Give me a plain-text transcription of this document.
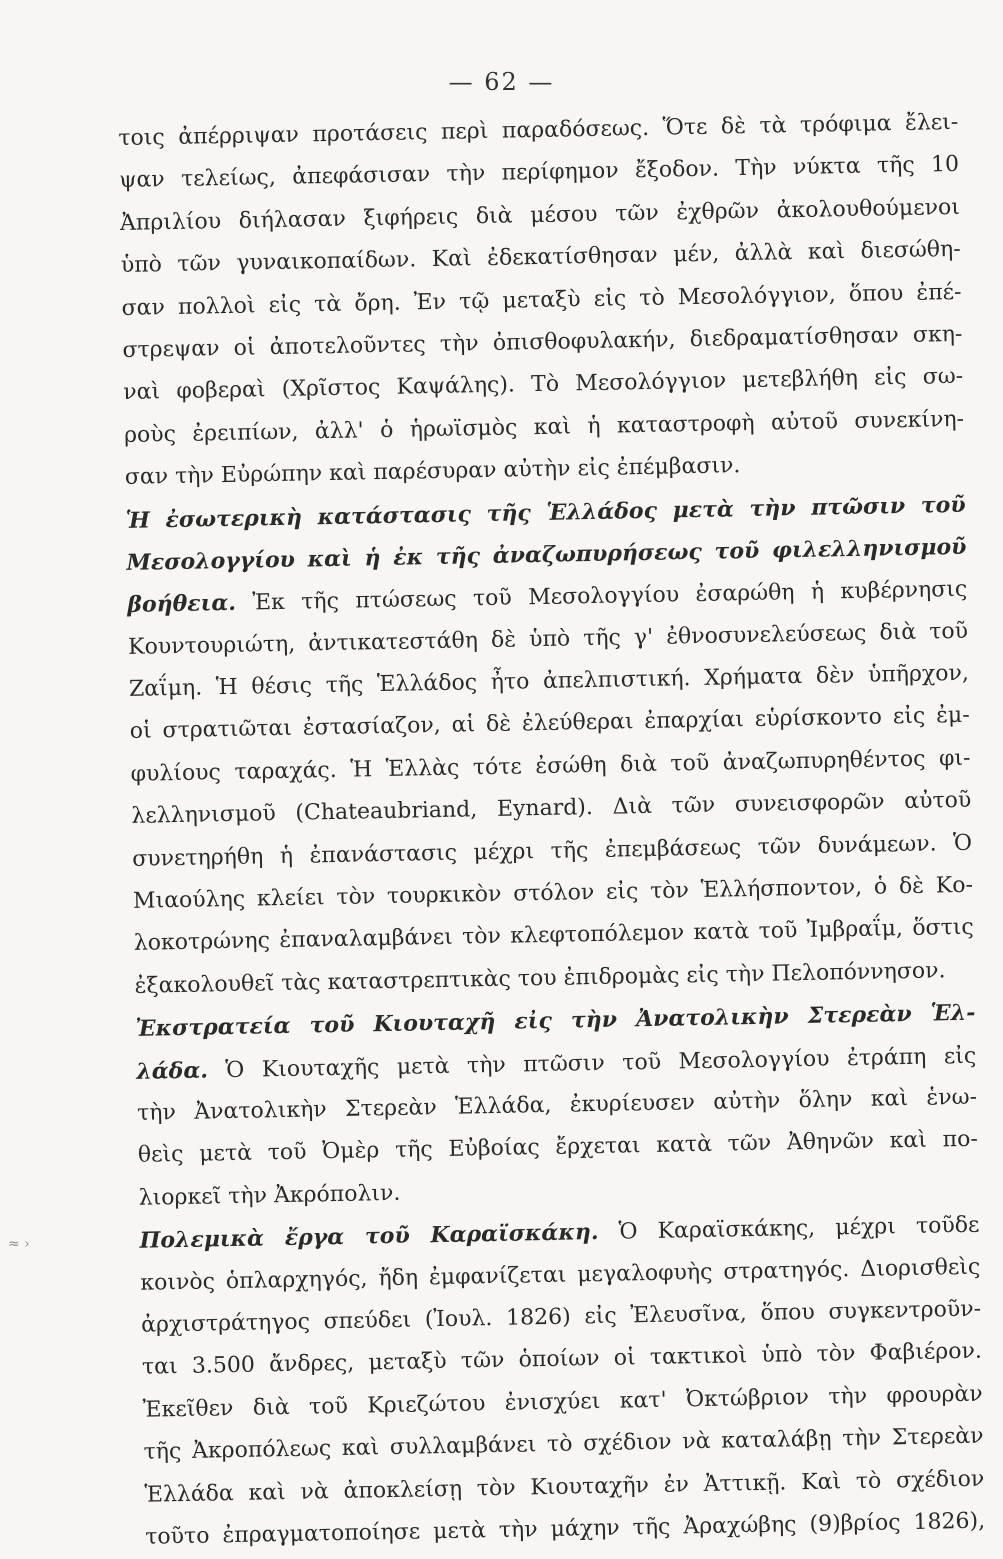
— 62 —
≈ ›
τοις ἀπέρριψαν προτάσεις περὶ παραδόσεως. Ὅτε δὲ τὰ τρόφιμα ἔλει-
ψαν τελείως, ἀπεφάσισαν τὴν περίφημον ἔξοδον. Τὴν νύκτα τῆς 10
Ἀπριλίου διήλασαν ξιφήρεις διὰ μέσου τῶν ἐχθρῶν ἀκολουθούμενοι
ὑπὸ τῶν γυναικοπαίδων. Καὶ ἐδεκατίσθησαν μέν, ἀλλὰ καὶ διεσώθη-
σαν πολλοὶ εἰς τὰ ὄρη. Ἐν τῷ μεταξὺ εἰς τὸ Μεσολόγγιον, ὅπου ἐπέ-
στρεψαν οἱ ἀποτελοῦντες τὴν ὀπισθοφυλακήν, διεδραματίσθησαν σκη-
ναὶ φοβεραὶ (Χρῖστος Καψάλης). Τὸ Μεσολόγγιον μετεβλήθη εἰς σω-
ροὺς ἐρειπίων, ἀλλ' ὁ ἡρωϊσμὸς καὶ ἡ καταστροφὴ αὐτοῦ συνεκίνη-
σαν τὴν Εὐρώπην καὶ παρέσυραν αὐτὴν εἰς ἐπέμβασιν.
Ἡ ἐσωτερικὴ κατάστασις τῆς Ἑλλάδος μετὰ τὴν πτῶσιν τοῦ
Μεσολογγίου καὶ ἡ ἐκ τῆς ἀναζωπυρήσεως τοῦ φιλελληνισμοῦ
βοήθεια. Ἐκ τῆς πτώσεως τοῦ Μεσολογγίου ἐσαρώθη ἡ κυβέρνησις
Κουντουριώτη, ἀντικατεστάθη δὲ ὑπὸ τῆς γ' ἐθνοσυνελεύσεως διὰ τοῦ
Ζαΐμη. Ἡ θέσις τῆς Ἑλλάδος ἦτο ἀπελπιστική. Χρήματα δὲν ὑπῆρχον,
οἱ στρατιῶται ἐστασίαζον, αἱ δὲ ἐλεύθεραι ἐπαρχίαι εὑρίσκοντο εἰς ἐμ-
φυλίους ταραχάς. Ἡ Ἑλλὰς τότε ἐσώθη διὰ τοῦ ἀναζωπυρηθέντος φι-
λελληνισμοῦ (Chateaubriand, Eynard). Διὰ τῶν συνεισφορῶν αὐτοῦ
συνετηρήθη ἡ ἐπανάστασις μέχρι τῆς ἐπεμβάσεως τῶν δυνάμεων. Ὁ
Μιαούλης κλείει τὸν τουρκικὸν στόλον εἰς τὸν Ἑλλήσποντον, ὁ δὲ Κο-
λοκοτρώνης ἐπαναλαμβάνει τὸν κλεφτοπόλεμον κατὰ τοῦ Ἰμβραΐμ, ὅστις
ἐξακολουθεῖ τὰς καταστρεπτικὰς του ἐπιδρομὰς εἰς τὴν Πελοπόννησον.
Ἐκστρατεία τοῦ Κιουταχῆ εἰς τὴν Ἀνατολικὴν Στερεὰν Ἑλ-
λάδα. Ὁ Κιουταχῆς μετὰ τὴν πτῶσιν τοῦ Μεσολογγίου ἐτράπη εἰς
τὴν Ἀνατολικὴν Στερεὰν Ἑλλάδα, ἐκυρίευσεν αὐτὴν ὅλην καὶ ἑνω-
θεὶς μετὰ τοῦ Ὀμὲρ τῆς Εὐβοίας ἔρχεται κατὰ τῶν Ἀθηνῶν καὶ πο-
λιορκεῖ τὴν Ἀκρόπολιν.
Πολεμικὰ ἔργα τοῦ Καραϊσκάκη. Ὁ Καραϊσκάκης, μέχρι τοῦδε
κοινὸς ὁπλαρχηγός, ἤδη ἐμφανίζεται μεγαλοφυὴς στρατηγός. Διορισθεὶς
ἀρχιστράτηγος σπεύδει (Ἰουλ. 1826) εἰς Ἐλευσῖνα, ὅπου συγκεντροῦν-
ται 3.500 ἄνδρες, μεταξὺ τῶν ὁποίων οἱ τακτικοὶ ὑπὸ τὸν Φαβιέρον.
Ἐκεῖθεν διὰ τοῦ Κριεζώτου ἐνισχύει κατ' Ὀκτώβριον τὴν φρουρὰν
τῆς Ἀκροπόλεως καὶ συλλαμβάνει τὸ σχέδιον νὰ καταλάβῃ τὴν Στερεὰν
Ἑλλάδα καὶ νὰ ἀποκλείσῃ τὸν Κιουταχῆν ἐν Ἀττικῇ. Καὶ τὸ σχέδιον
τοῦτο ἐπραγματοποίησε μετὰ τὴν μάχην τῆς Ἀραχώβης (9)βρίος 1826),
